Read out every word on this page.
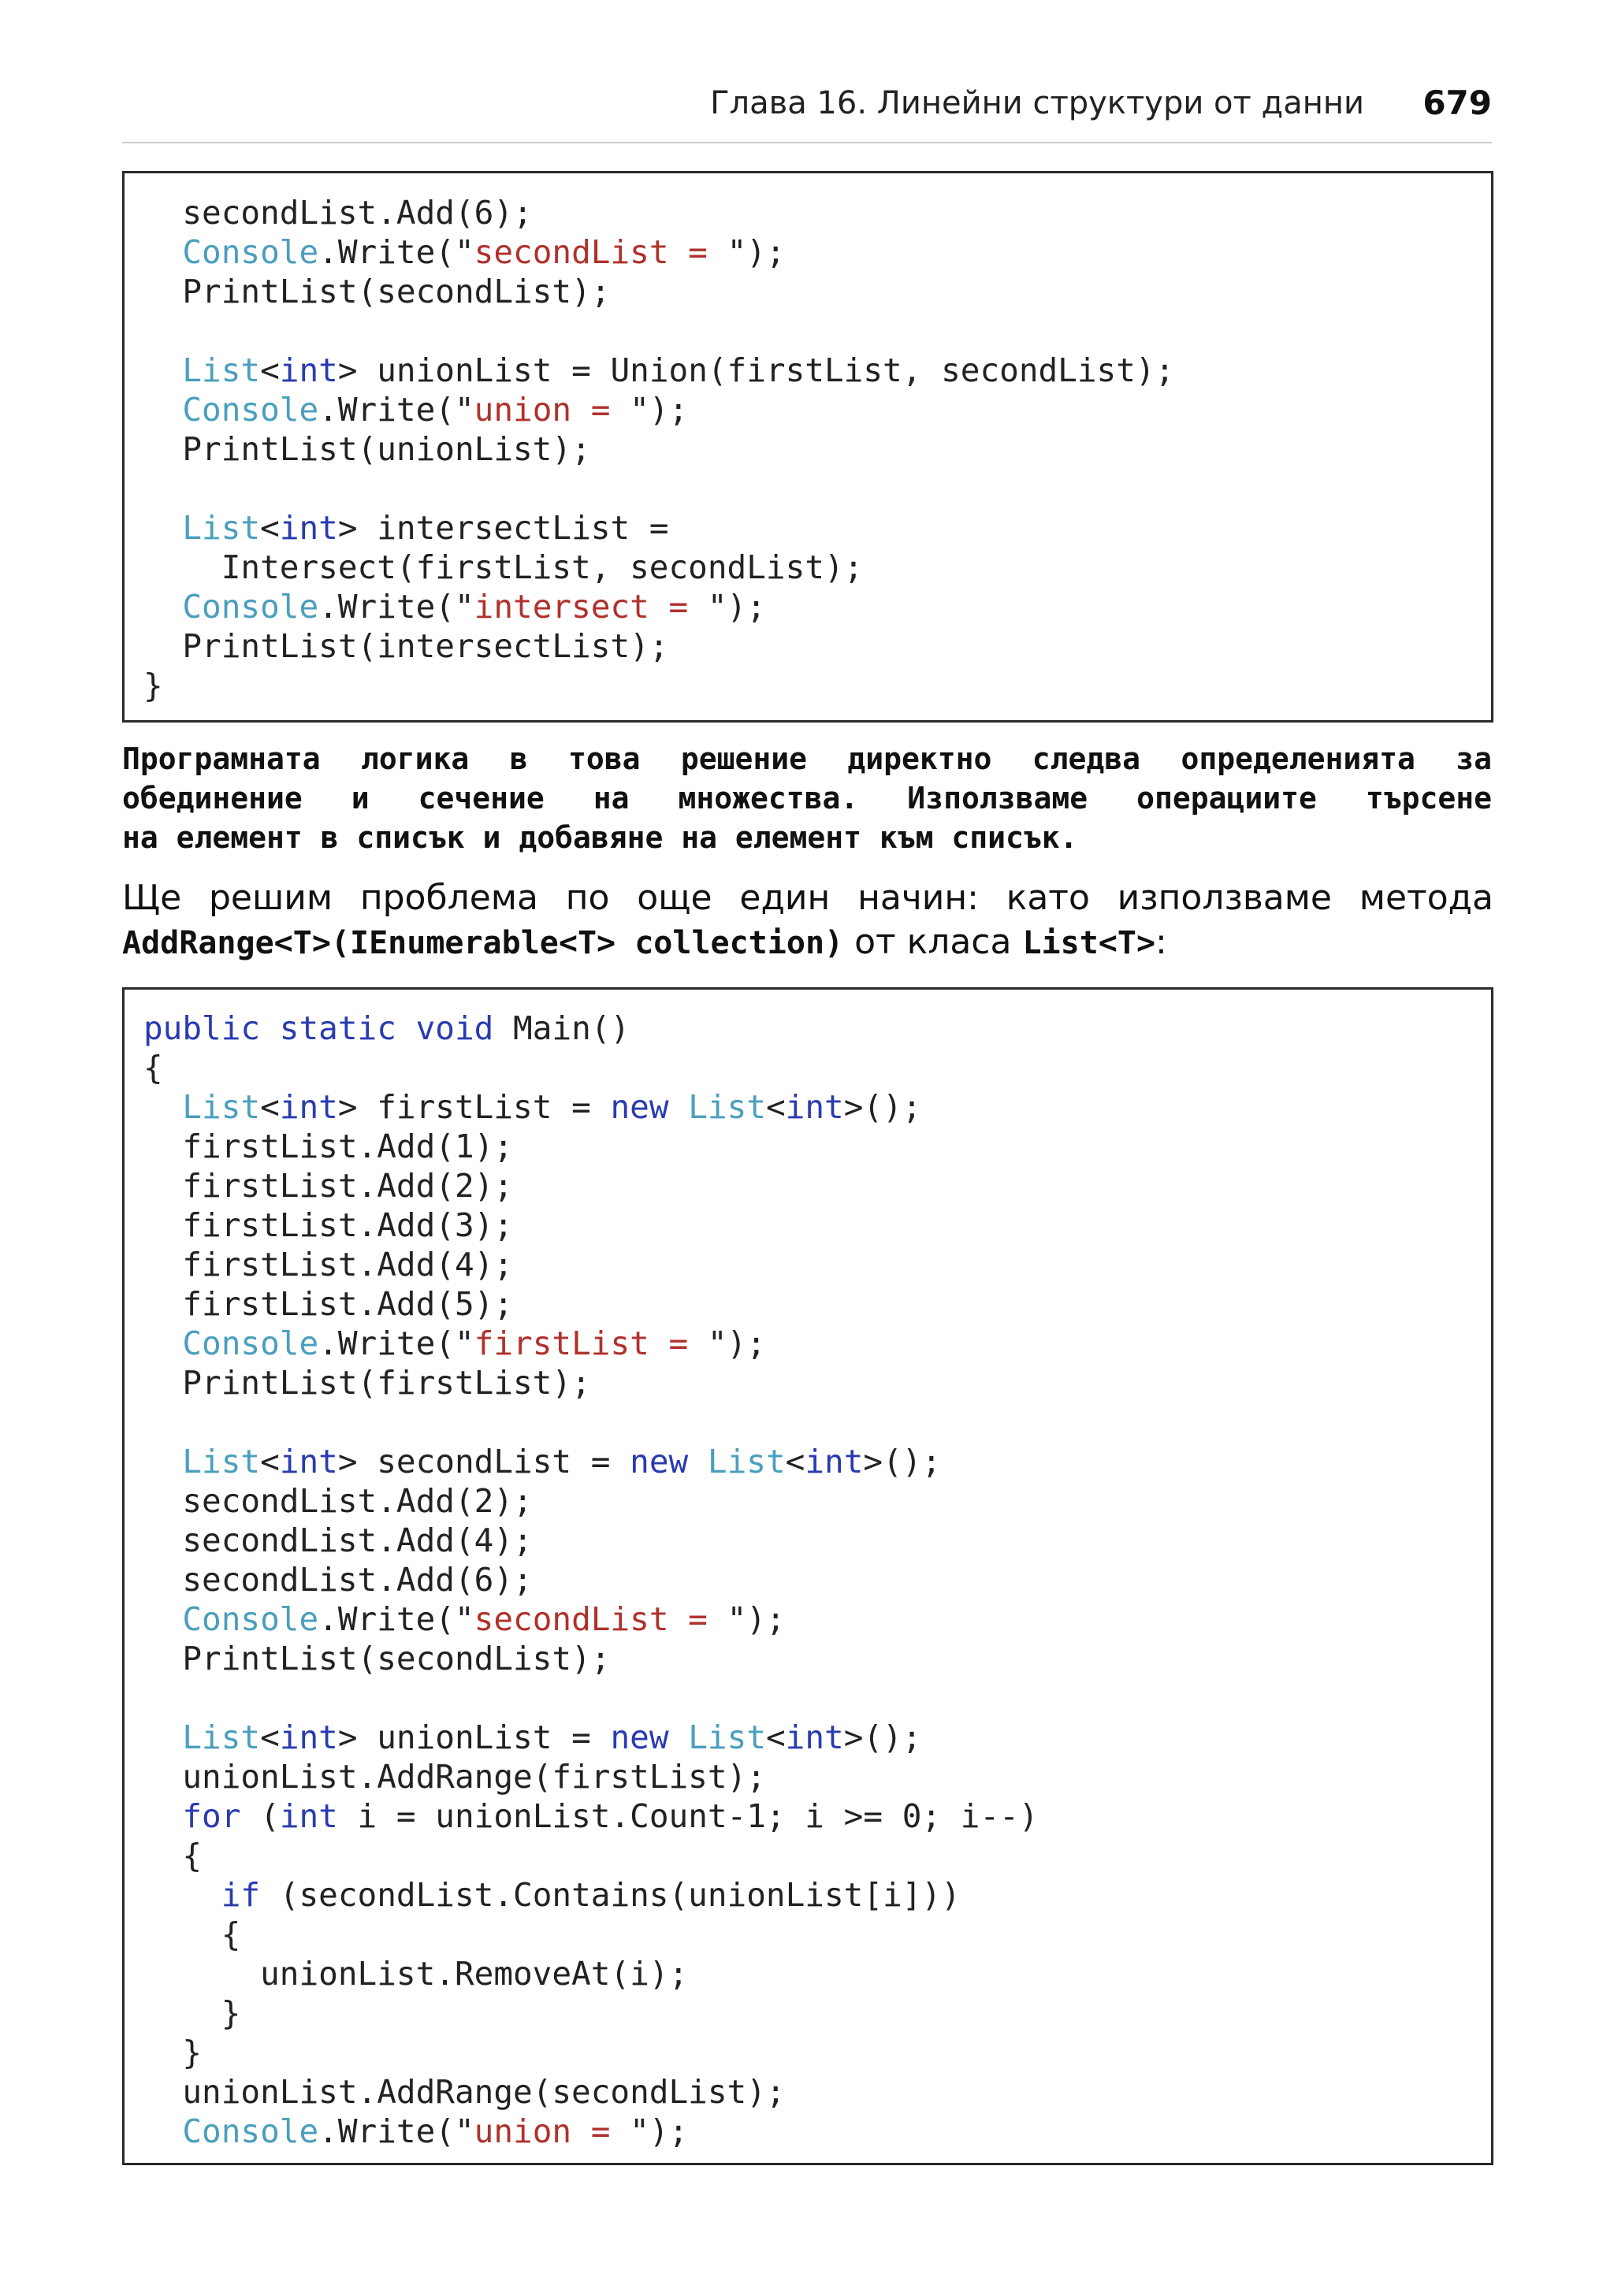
Глава 16. Линейни структури от данни 679
secondList.Add(6);
Console.Write("secondList = ");
PrintList(secondList);
List<int> unionList = Union(firstList, secondList);
Console.Write("union = ");
PrintList(unionList);
List<int> intersectList =
Intersect(firstList, secondList);
Console.Write("intersect = ");
PrintList(intersectList);
}
Програмната логика в това решение директно следва определенията за
обединение и сечение на множества. Използваме операциите търсене
на елемент в списък и добавяне на елемент към списък.
Ще решим проблема по още един начин: като използваме метода
AddRange<T>(IEnumerable<T> collection) от класа List<T>:
public static void Main()
{
List<int> firstList = new List<int>();
firstList.Add(1);
firstList.Add(2);
firstList.Add(3);
firstList.Add(4);
firstList.Add(5);
Console.Write("firstList = ");
PrintList(firstList);
List<int> secondList = new List<int>();
secondList.Add(2);
secondList.Add(4);
secondList.Add(6);
Console.Write("secondList = ");
PrintList(secondList);
List<int> unionList = new List<int>();
unionList.AddRange(firstList);
for (int i = unionList.Count-1; i >= 0; i--)
{
if (secondList.Contains(unionList[i]))
{
unionList.RemoveAt(i);
}
}
unionList.AddRange(secondList);
Console.Write("union = ");
